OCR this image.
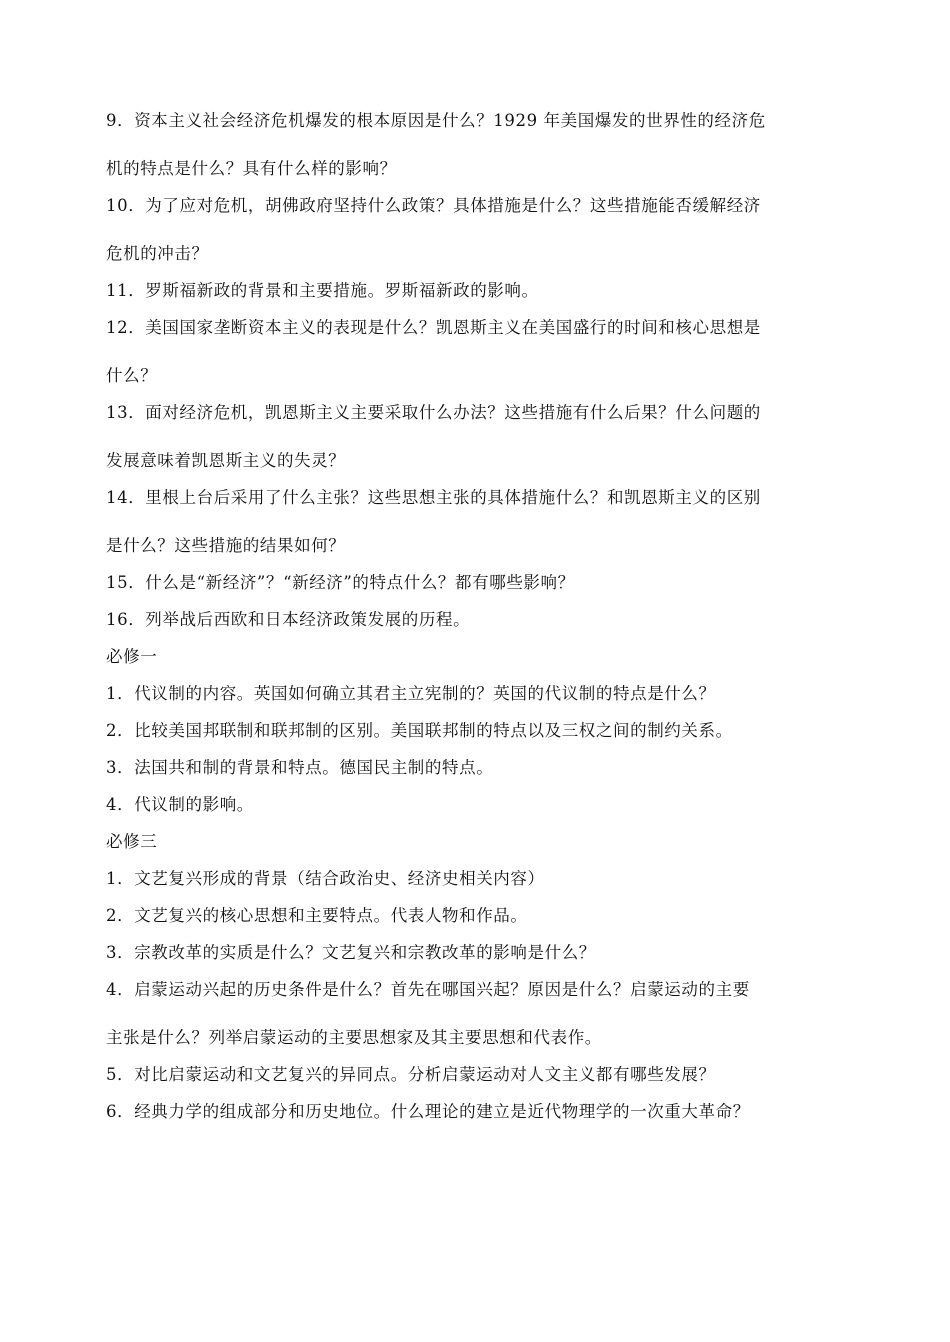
9．资本主义社会经济危机爆发的根本原因是什么？1929 年美国爆发的世界性的经济危
机的特点是什么？具有什么样的影响？
10．为了应对危机，胡佛政府坚持什么政策？具体措施是什么？这些措施能否缓解经济
危机的冲击？
11．罗斯福新政的背景和主要措施。罗斯福新政的影响。
12．美国国家垄断资本主义的表现是什么？凯恩斯主义在美国盛行的时间和核心思想是
什么？
13．面对经济危机，凯恩斯主义主要采取什么办法？这些措施有什么后果？什么问题的
发展意味着凯恩斯主义的失灵？
14．里根上台后采用了什么主张？这些思想主张的具体措施什么？和凯恩斯主义的区别
是什么？这些措施的结果如何？
15．什么是“新经济”？“新经济”的特点什么？都有哪些影响？
16．列举战后西欧和日本经济政策发展的历程。
必修一
1．代议制的内容。英国如何确立其君主立宪制的？英国的代议制的特点是什么？
2．比较美国邦联制和联邦制的区别。美国联邦制的特点以及三权之间的制约关系。
3．法国共和制的背景和特点。德国民主制的特点。
4．代议制的影响。
必修三
1．文艺复兴形成的背景（结合政治史、经济史相关内容）
2．文艺复兴的核心思想和主要特点。代表人物和作品。
3．宗教改革的实质是什么？文艺复兴和宗教改革的影响是什么？
4．启蒙运动兴起的历史条件是什么？首先在哪国兴起？原因是什么？启蒙运动的主要
主张是什么？列举启蒙运动的主要思想家及其主要思想和代表作。
5．对比启蒙运动和文艺复兴的异同点。分析启蒙运动对人文主义都有哪些发展？
6．经典力学的组成部分和历史地位。什么理论的建立是近代物理学的一次重大革命？
